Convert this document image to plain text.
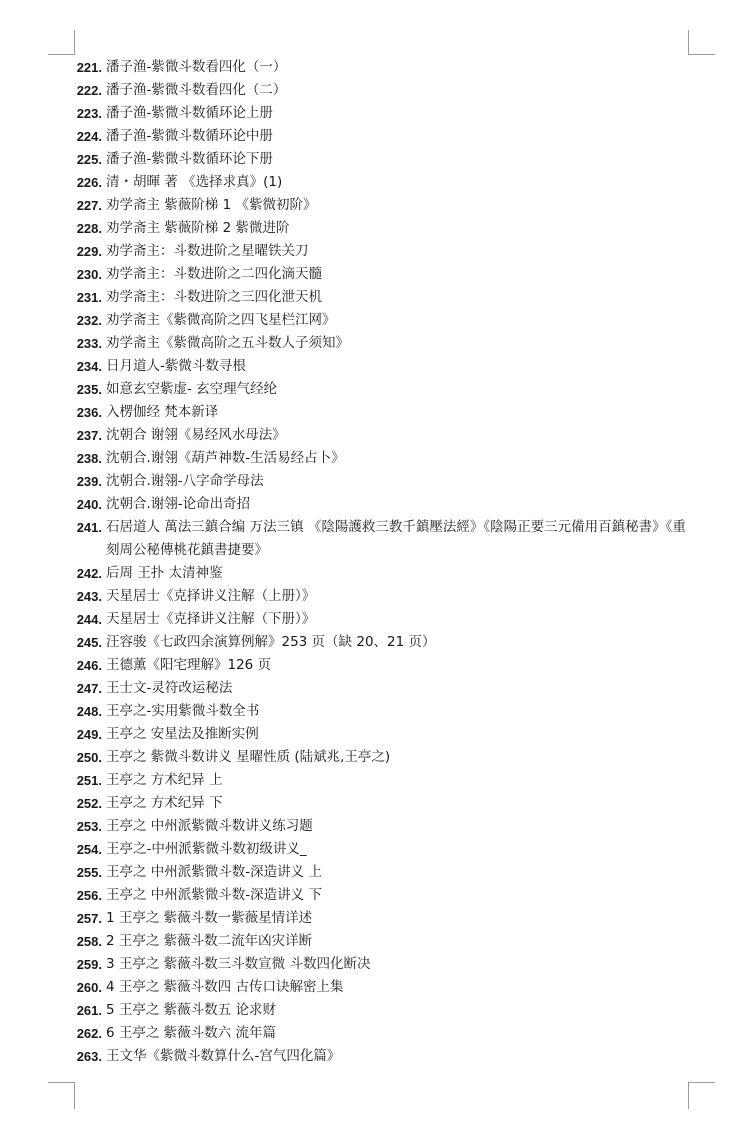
221. 潘子渔-紫微斗数看四化（一）
222. 潘子渔-紫微斗数看四化（二）
223. 潘子渔-紫微斗数循环论上册
224. 潘子渔-紫微斗数循环论中册
225. 潘子渔-紫微斗数循环论下册
226. 清・胡暉 著 《选择求真》(1)
227. 劝学斋主 紫薇阶梯 1 《紫微初阶》
228. 劝学斋主 紫薇阶梯 2 紫微进阶
229. 劝学斋主：斗数进阶之星曜铁关刀
230. 劝学斋主：斗数进阶之二四化滴天髓
231. 劝学斋主：斗数进阶之三四化泄天机
232. 劝学斋主《紫微高阶之四飞星栏江网》
233. 劝学斋主《紫微高阶之五斗数人子须知》
234. 日月道人-紫微斗数寻根
235. 如意玄空紫虚- 玄空理气经纶
236. 入楞伽经 梵本新译
237. 沈朝合 谢翎《易经风水母法》
238. 沈朝合.谢翎《葫芦神数-生活易经占卜》
239. 沈朝合.谢翎-八字命学母法
240. 沈朝合.谢翎-论命出奇招
241. 石居道人 萬法三鎮合编 万法三镇 《陰陽護救三教千鎮壓法經》《陰陽正要三元備用百鎮秘書》《重刻周公秘傳桃花鎮書捷要》
242. 后周 王扑 太清神鉴
243. 天星居士《克择讲义注解（上册）》
244. 天星居士《克择讲义注解（下册）》
245. 汪容骏《七政四余演算例解》253 页（缺 20、21 页）
246. 王德薰《阳宅理解》126 页
247. 王士文-灵符改运秘法
248. 王亭之-实用紫微斗数全书
249. 王亭之 安星法及推断实例
250. 王亭之 紫微斗数讲义 星曜性质 (陆斌兆,王亭之)
251. 王亭之 方术纪异 上
252. 王亭之 方术纪异 下
253. 王亭之 中州派紫微斗数讲义练习题
254. 王亭之-中州派紫微斗数初级讲义_
255. 王亭之 中州派紫微斗数-深造讲义 上
256. 王亭之 中州派紫微斗数-深造讲义 下
257. 1 王亭之 紫薇斗数一紫薇星情详述
258. 2 王亭之 紫薇斗数二流年凶灾详断
259. 3 王亭之 紫薇斗数三斗数宣微 斗数四化断决
260. 4 王亭之 紫薇斗数四 古传口诀解密上集
261. 5 王亭之 紫薇斗数五 论求财
262. 6 王亭之 紫薇斗数六 流年篇
263. 王文华《紫微斗数算什么-宫气四化篇》
